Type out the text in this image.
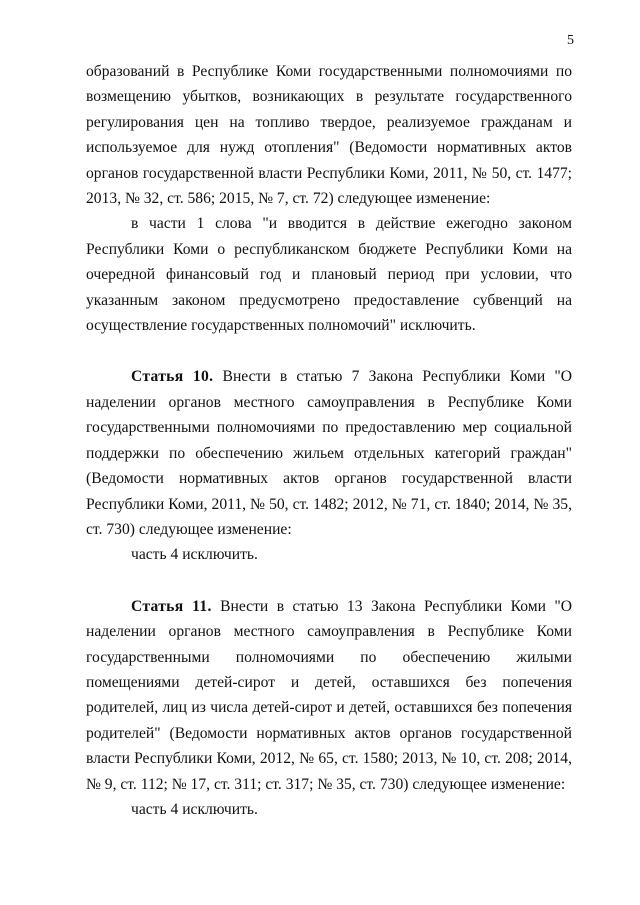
5

образований в Республике Коми государственными полномочиями по возмещению убытков, возникающих в результате государственного регулирования цен на топливо твердое, реализуемое гражданам и используемое для нужд отопления" (Ведомости нормативных актов органов государственной власти Республики Коми, 2011, № 50, ст. 1477; 2013, № 32, ст. 586; 2015, № 7, ст. 72) следующее изменение:

в части 1 слова "и вводится в действие ежегодно законом Республики Коми о республиканском бюджете Республики Коми на очередной финансовый год и плановый период при условии, что указанным законом предусмотрено предоставление субвенций на осуществление государственных полномочий" исключить.

Статья 10. Внести в статью 7 Закона Республики Коми "О наделении органов местного самоуправления в Республике Коми государственными полномочиями по предоставлению мер социальной поддержки по обеспечению жильем отдельных категорий граждан" (Ведомости нормативных актов органов государственной власти Республики Коми, 2011, № 50, ст. 1482; 2012, № 71, ст. 1840; 2014, № 35, ст. 730) следующее изменение:

часть 4 исключить.

Статья 11. Внести в статью 13 Закона Республики Коми "О наделении органов местного самоуправления в Республике Коми государственными полномочиями по обеспечению жилыми помещениями детей-сирот и детей, оставшихся без попечения родителей, лиц из числа детей-сирот и детей, оставшихся без попечения родителей" (Ведомости нормативных актов органов государственной власти Республики Коми, 2012, № 65, ст. 1580; 2013, № 10, ст. 208; 2014, № 9, ст. 112; № 17, ст. 311; ст. 317; № 35, ст. 730) следующее изменение:

часть 4 исключить.
